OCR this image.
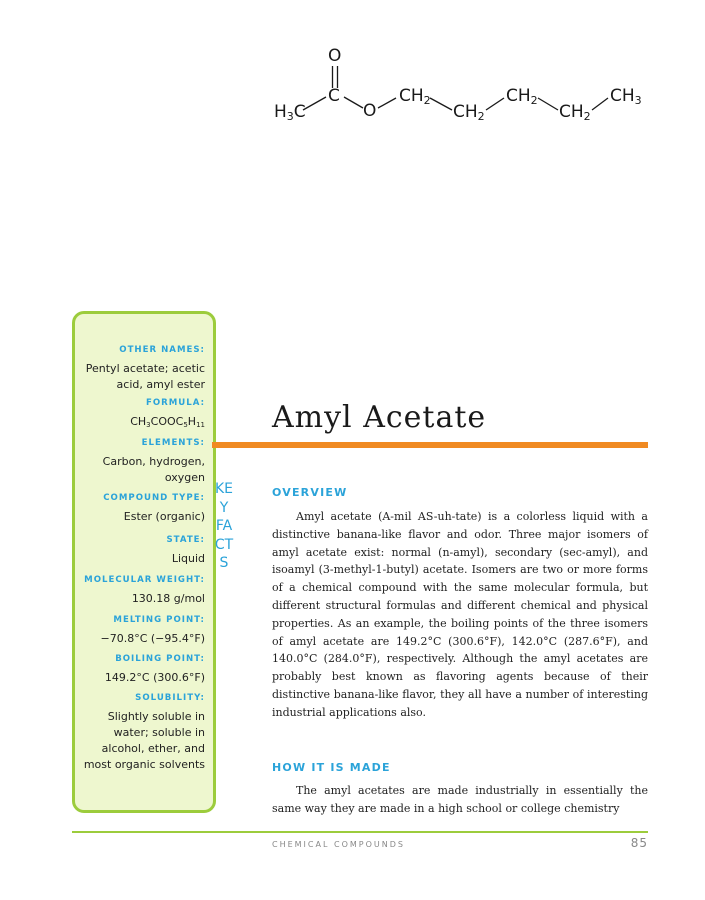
O
C
$H_3C$	O
$CH_2$
$CH_2$
$CH_2$
$CH_2$
$CH_3$
OTHER NAMES:
Pentyl acetate; acetic acid, amyl ester
FORMULA:
$CH_3COOC_5H_{11}$
ELEMENTS:
Carbon, hydrogen, oxygen
COMPOUND TYPE:
Ester (organic)
STATE:
Liquid
MOLECULAR WEIGHT:
130.18 g/mol
MELTING POINT:
−70.8°C (−95.4°F)
BOILING POINT:
149.2°C (300.6°F)
SOLUBILITY:
Slightly soluble in water; soluble in alcohol, ether, and most organic solvents
KEY FACTS
Amyl Acetate
OVERVIEW

Amyl acetate (A-mil AS-uh-tate) is a colorless liquid with a distinctive banana-like flavor and odor. Three major isomers of amyl acetate exist: normal (n-amyl), secondary (sec-amyl), and isoamyl (3-methyl-1-butyl) acetate. Isomers are two or more forms of a chemical compound with the same molecular formula, but different structural formulas and different chemical and physical properties. As an example, the boiling points of the three isomers of amyl acetate are 149.2°C (300.6°F), 142.0°C (287.6°F), and 140.0°C (284.0°F), respectively. Although the amyl acetates are probably best known as flavoring agents because of their distinctive banana-like flavor, they all have a number of interesting industrial applications also.

HOW IT IS MADE

The amyl acetates are made industrially in essentially the same way they are made in a high school or college chemistry

CHEMICAL COMPOUNDS	85
